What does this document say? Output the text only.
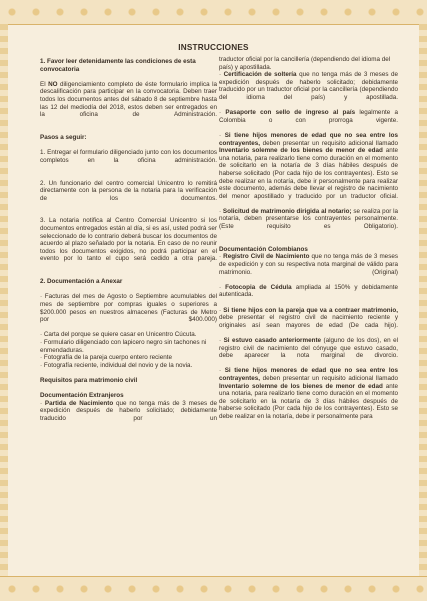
INSTRUCCIONES

1. Favor leer detenidamente las condiciones de esta convocatoria

El NO diligenciamiento completo de éste formulario implica la descalificación para participar en la convocatoria. Deben traer todos los documentos antes del sábado 8 de septiembre hasta las 12 del mediodía del 2018, estos deben ser entregados en la oficina de Administración.

Pasos a seguir:

1. Entregar el formulario diligenciado junto con los documentos completos en la oficina administración.

2. Un funcionario del centro comercial Unicentro lo remitirá directamente con la persona de la notaria para la verificación de los documentos.

3. La notaria notifica al Centro Comercial Unicentro si los documentos entregados están al día, si es así, usted podrá ser seleccionado de lo contrario deberá buscar los documentos de acuerdo al plazo señalado por la notaria. En caso de no reunir todos los documentos exigidos, no podrá participar en el evento por lo tanto el cupo será cedido a otra pareja.

2. Documentación a Anexar

· Facturas del mes de Agosto o Septiembre acumulables del mes de septiembre por compras iguales o superiores a $200.000 pesos en nuestros almacenes (Facturas de Metro por $400.000)

· Carta del porque se quiere casar en Unicentro Cúcuta.

· Formulario diligenciado con lapicero negro sin tachones ni enmendaduras.

· Fotografía de la pareja cuerpo entero reciente

· Fotografía reciente, individual del novio y de la novia.

Requisitos para matrimonio civil

Documentación Extranjeros

· Partida de Nacimiento que no tenga más de 3 meses de expedición después de haberlo solicitado; debidamente traducido por un

traductor oficial por la cancillería (dependiendo del idioma del país) y apostillada.

· Certificación de soltería que no tenga más de 3 meses de expedición después de haberlo solicitado; debidamente traducido por un traductor oficial por la cancillería (dependiendo del idioma del país) y apostillada.

· Pasaporte con sello de ingreso al país legalmente a Colombia o con prorroga vigente.

· Si tiene hijos menores de edad que no sea entre los contrayentes, deben presentar un requisito adicional llamado Inventario solemne de los bienes de menor de edad ante una notaria, para realizarlo tiene como duración en el momento de solicitarlo en la notaría de 3 días hábiles después de haberse solicitado (Por cada hijo de los contrayentes). Esto se debe realizar en la notaría, debe ir personalmente para realizar este documento, además debe llevar el registro de nacimiento del menor apostillado y traducido por un traductor oficial.

· Solicitud de matrimonio dirigida al notario; se realiza por la notaría, deben presentarse los contrayentes personalmente. (Este requisito es Obligatorio).

Documentación Colombianos

· Registro Civil de Nacimiento que no tenga más de 3 meses de expedición y con su respectiva nota marginal de válido para matrimonio. (Original)

· Fotocopia de Cédula ampliada al 150% y debidamente autenticada.

· Si tiene hijos con la pareja que va a contraer matrimonio, debe presentar el registro civil de nacimiento reciente y originales así sean mayores de edad (De cada hijo).

· Si estuvo casado anteriormente (alguno de los dos), en el registro civil de nacimiento del cónyuge que estuvo casado, debe aparecer la nota marginal de divorcio.

· Si tiene hijos menores de edad que no sea entre los contrayentes, deben presentar un requisito adicional llamado Inventario solemne de los bienes de menor de edad ante una notaria, para realizarlo tiene como duración en el momento de solicitarlo en la notaría de 3 días hábiles después de haberse solicitado (Por cada hijo de los contrayentes). Esto se debe realizar en la notaría, debe ir personalmente para
